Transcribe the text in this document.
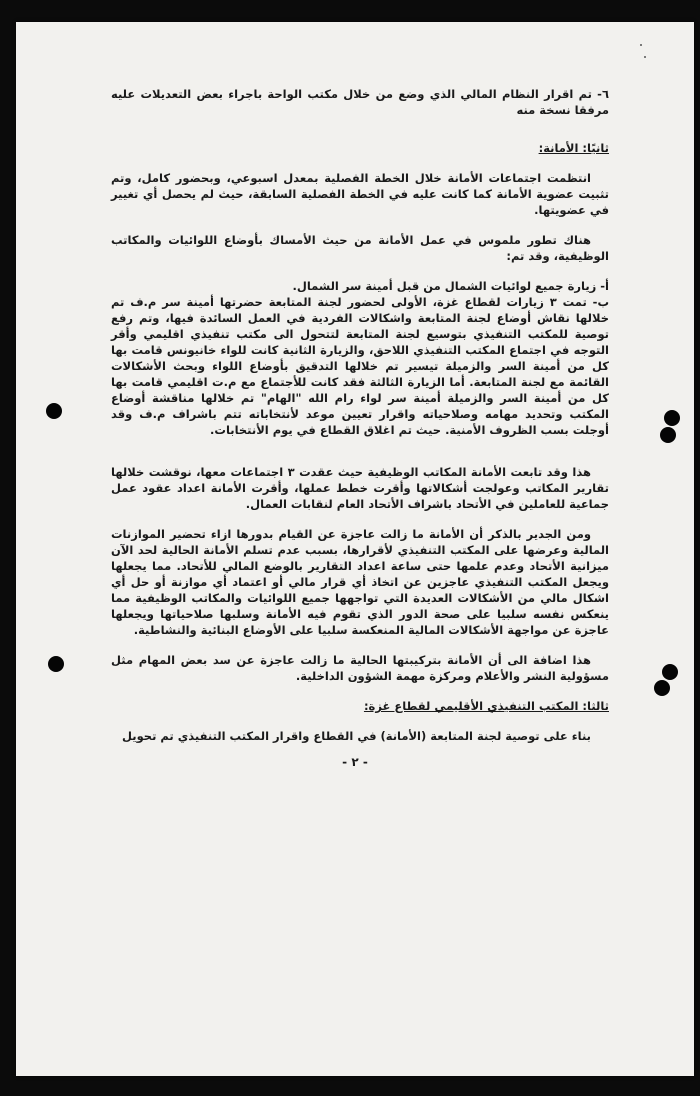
٦- تم اقرار النظام المالي الذي وضع من خلال مكتب الواحة باجراء بعض التعديلات عليه مرفقا نسخة منه

ثانيًا: الأمانة:

انتظمت اجتماعات الأمانة خلال الخطة الفصلية بمعدل اسبوعي، وبحضور كامل، وتم تثبيت عضوية الأمانة كما كانت عليه في الخطة الفصلية السابقة، حيث لم يحصل أي تغيير في عضويتها.

هناك تطور ملموس في عمل الأمانة من حيث الأمساك بأوضاع اللوائيات والمكاتب الوظيفية، وقد تم:

أ- زيارة جميع لوائيات الشمال من قبل أمينة سر الشمال.

ب- تمت ٣ زيارات لقطاع غزة، الأولى لحضور لجنة المتابعة حضرتها أمينة سر م.ف تم خلالها نقاش أوضاع لجنة المتابعة واشكالات الفردية في العمل السائدة فيها، وتم رفع توصية للمكتب التنفيذي بتوسيع لجنة المتابعة لتتحول الى مكتب تنفيذي اقليمي وأقر التوجه في اجتماع المكتب التنفيذي اللاحق، والزيارة الثانية كانت للواء خانيونس قامت بها كل من أمينة السر والزميلة تيسير تم خلالها التدقيق بأوضاع اللواء وبحث الأشكالات القائمة مع لجنة المتابعة. أما الزيارة الثالثة فقد كانت للأجتماع مع م.ت اقليمي قامت بها كل من أمينة السر والزميلة أمينة سر لواء رام الله "الهام" تم خلالها مناقشة أوضاع المكتب وتحديد مهامه وصلاحياته واقرار تعيين موعد لأنتخاباته تتم باشراف م.ف وقد أوجلت بسب الظروف الأمنية. حيث تم اغلاق القطاع في يوم الأنتخابات.

هذا وقد تابعت الأمانة المكاتب الوظيفية حيث عقدت ٣ اجتماعات معها، نوقشت خلالها تقارير المكاتب وعولجت أشكالاتها وأقرت خطط عملها، وأقرت الأمانة اعداد عقود عمل جماعية للعاملين في الأتحاد باشراف الأتحاد العام لنقابات العمال.

ومن الجدير بالذكر أن الأمانة ما زالت عاجزة عن القيام بدورها ازاء تحضير الموازنات المالية وعرضها على المكتب التنفيذي لأقرارها، بسبب عدم تسلم الأمانة الحالية لحد الآن ميزانية الأتحاد وعدم علمها حتى ساعة اعداد التقارير بالوضع المالي للأتحاد. مما يجعلها ويجعل المكتب التنفيذي عاجزين عن اتخاذ أي قرار مالي أو اعتماد أي موازنة أو حل أي اشكال مالي من الأشكالات العديدة التي تواجهها جميع اللوائيات والمكاتب الوظيفية مما ينعكس نفسه سلبيا على صحة الدور الذي تقوم فيه الأمانة وسلبها صلاحياتها ويجعلها عاجزة عن مواجهة الأشكالات المالية المنعكسة سلبيا على الأوضاع البنائية والنشاطية.

هذا اضافة الى أن الأمانة بتركيبتها الحالية ما زالت عاجزة عن سد بعض المهام مثل مسؤولية النشر والأعلام ومركزة مهمة الشؤون الداخلية.

ثالثا: المكتب التنفيذي الأقليمي لقطاع غزة:

بناء على توصية لجنة المتابعة (الأمانة) في القطاع واقرار المكتب التنفيذي تم تحويل

- ٢ -
